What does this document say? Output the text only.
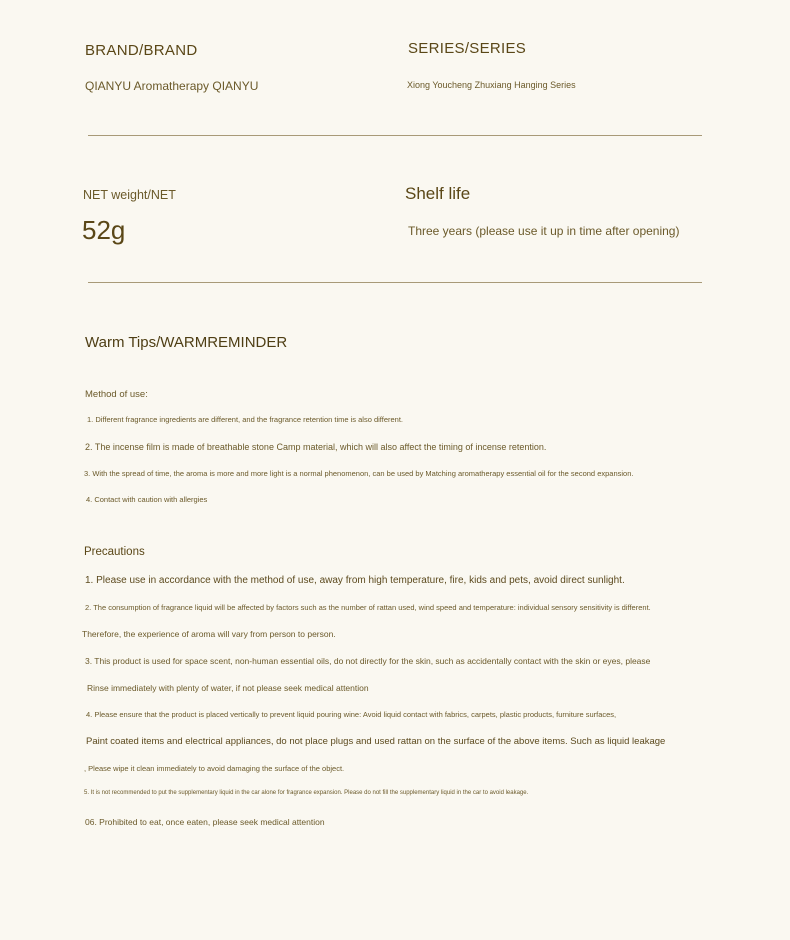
BRAND/BRAND
QIANYU Aromatherapy QIANYU
SERIES/SERIES
Xiong Youcheng Zhuxiang Hanging Series
NET weight/NET
52g
Shelf life
Three years (please use it up in time after opening)
Warm Tips/WARMREMINDER
Method of use:
1. Different fragrance ingredients are different, and the fragrance retention time is also different.
2. The incense film is made of breathable stone Camp material, which will also affect the timing of incense retention.
3. With the spread of time, the aroma is more and more light is a normal phenomenon, can be used by Matching aromatherapy essential oil for the second expansion.
4. Contact with caution with allergies
Precautions
1. Please use in accordance with the method of use, away from high temperature, fire, kids and pets, avoid direct sunlight.
2. The consumption of fragrance liquid will be affected by factors such as the number of rattan used, wind speed and temperature: individual sensory sensitivity is different.
Therefore, the experience of aroma will vary from person to person.
3. This product is used for space scent, non-human essential oils, do not directly for the skin, such as accidentally contact with the skin or eyes, please
Rinse immediately with plenty of water, if not please seek medical attention
4. Please ensure that the product is placed vertically to prevent liquid pouring wine: Avoid liquid contact with fabrics, carpets, plastic products, furniture surfaces,
Paint coated items and electrical appliances, do not place plugs and used rattan on the surface of the above items. Such as liquid leakage
, Please wipe it clean immediately to avoid damaging the surface of the object.
5. It is not recommended to put the supplementary liquid in the car alone for fragrance expansion. Please do not fill the supplementary liquid in the car to avoid leakage.
06. Prohibited to eat, once eaten, please seek medical attention
